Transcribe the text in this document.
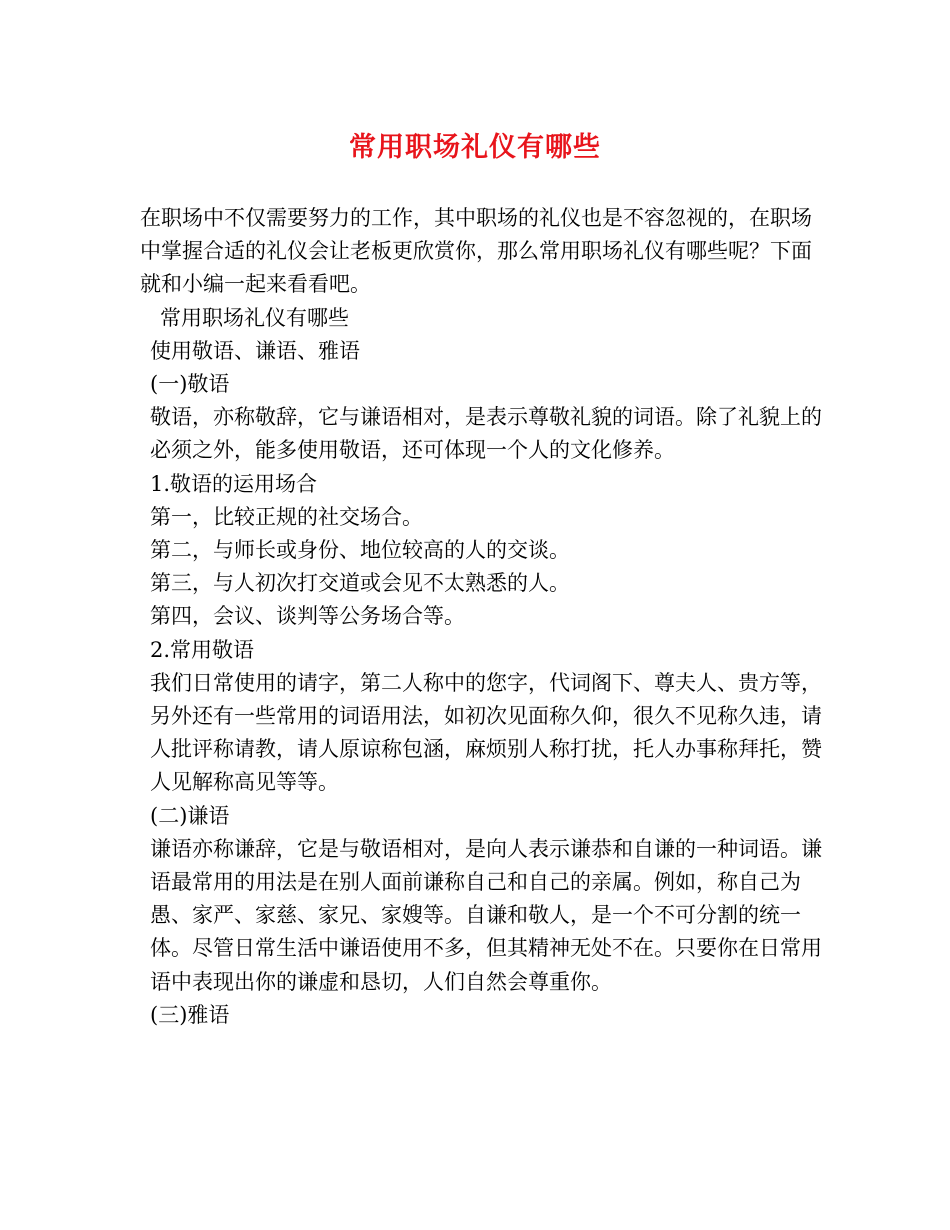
常用职场礼仪有哪些

在职场中不仅需要努力的工作，其中职场的礼仪也是不容忽视的，在职场中掌握合适的礼仪会让老板更欣赏你，那么常用职场礼仪有哪些呢？下面就和小编一起来看看吧。

常用职场礼仪有哪些

使用敬语、谦语、雅语

(一)敬语

敬语，亦称敬辞，它与谦语相对，是表示尊敬礼貌的词语。除了礼貌上的必须之外，能多使用敬语，还可体现一个人的文化修养。

1.敬语的运用场合

第一，比较正规的社交场合。

第二，与师长或身份、地位较高的人的交谈。

第三，与人初次打交道或会见不太熟悉的人。

第四，会议、谈判等公务场合等。

2.常用敬语

我们日常使用的请字，第二人称中的您字，代词阁下、尊夫人、贵方等，另外还有一些常用的词语用法，如初次见面称久仰，很久不见称久违，请人批评称请教，请人原谅称包涵，麻烦别人称打扰，托人办事称拜托，赞人见解称高见等等。

(二)谦语

谦语亦称谦辞，它是与敬语相对，是向人表示谦恭和自谦的一种词语。谦语最常用的用法是在别人面前谦称自己和自己的亲属。例如，称自己为 愚、家严、家慈、家兄、家嫂等。自谦和敬人，是一个不可分割的统一体。尽管日常生活中谦语使用不多，但其精神无处不在。只要你在日常用语中表现出你的谦虚和恳切，人们自然会尊重你。

(三)雅语
